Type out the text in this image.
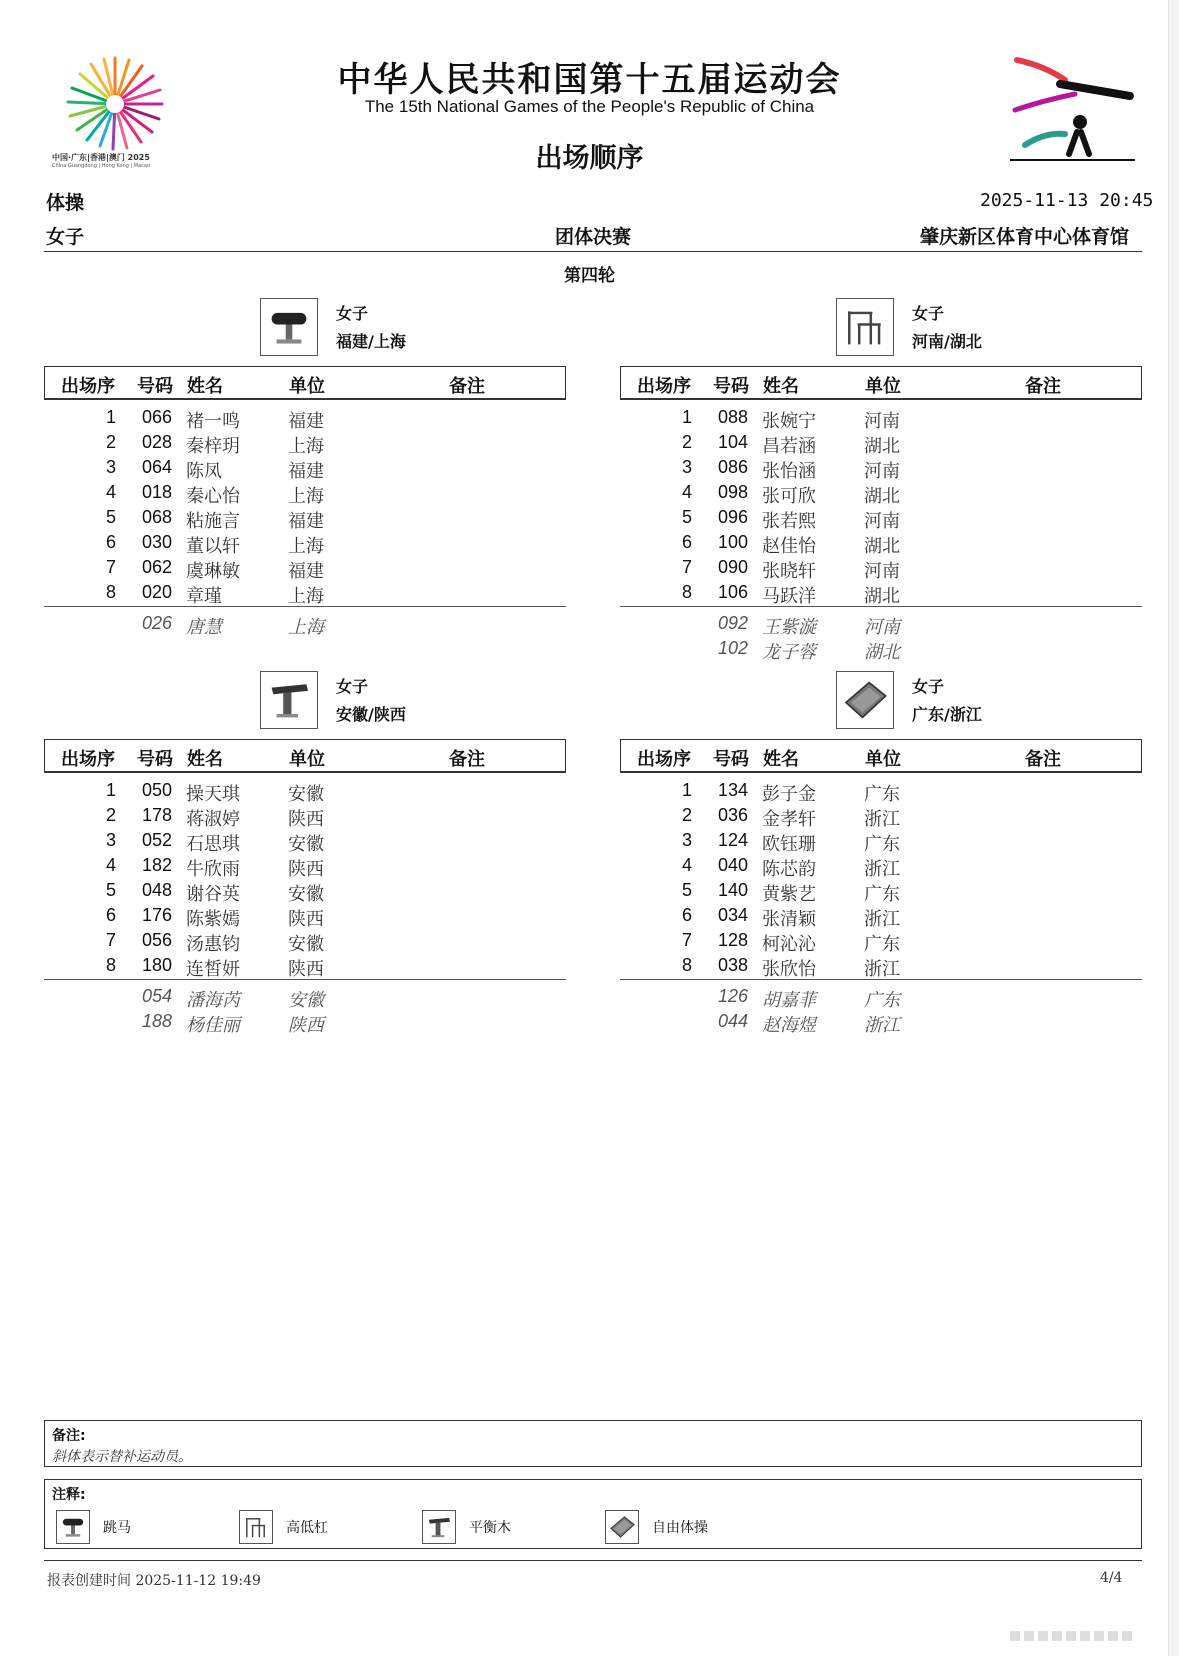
中国·广东|香港|澳门 2025
China·Guangdong | Hong Kong | Macao
中华人民共和国第十五届运动会
The 15th National Games of the People's Republic of China
出场顺序
体操	2025-11-13 20:45
女子	团体决赛	肇庆新区体育中心体育馆
第四轮
女子
福建/上海
出场序 号码 姓名	单位	备注
1 066 褚一鸣	福建
2 028 秦梓玥	上海
3 064 陈凤	福建
4 018 秦心怡	上海
5 068 粘施言	福建
6 030 董以轩	上海
7 062 虞琳敏	福建
8 020 章瑾	上海
026 唐慧	上海
女子
河南/湖北
出场序 号码 姓名	单位	备注
1 088 张婉宁	河南
2 104 昌若涵	湖北
3 086 张怡涵	河南
4 098 张可欣	湖北
5 096 张若熙	河南
6 100 赵佳怡	湖北
7 090 张晓轩	河南
8 106 马跃洋	湖北
092 王紫漩	河南
102 龙子蓉	湖北
女子
安徽/陕西
出场序 号码 姓名	单位	备注
1 050 操天琪	安徽
2 178 蒋淑婷	陕西
3 052 石思琪	安徽
4 182 牛欣雨	陕西
5 048 谢谷英	安徽
6 176 陈紫嫣	陕西
7 056 汤惠钧	安徽
8 180 连皙妍	陕西
054 潘海芮	安徽
188 杨佳丽	陕西
女子
广东/浙江
出场序 号码 姓名	单位	备注
1 134 彭子金	广东
2 036 金孝轩	浙江
3 124 欧钰珊	广东
4 040 陈芯韵	浙江
5 140 黄紫艺	广东
6 034 张清颖	浙江
7 128 柯沁沁	广东
8 038 张欣怡	浙江
126 胡嘉菲	广东
044 赵海煜	浙江
备注:
斜体表示替补运动员。
注释:
跳马	高低杠	平衡木	自由体操
报表创建时间 2025-11-12 19:49	4/4
